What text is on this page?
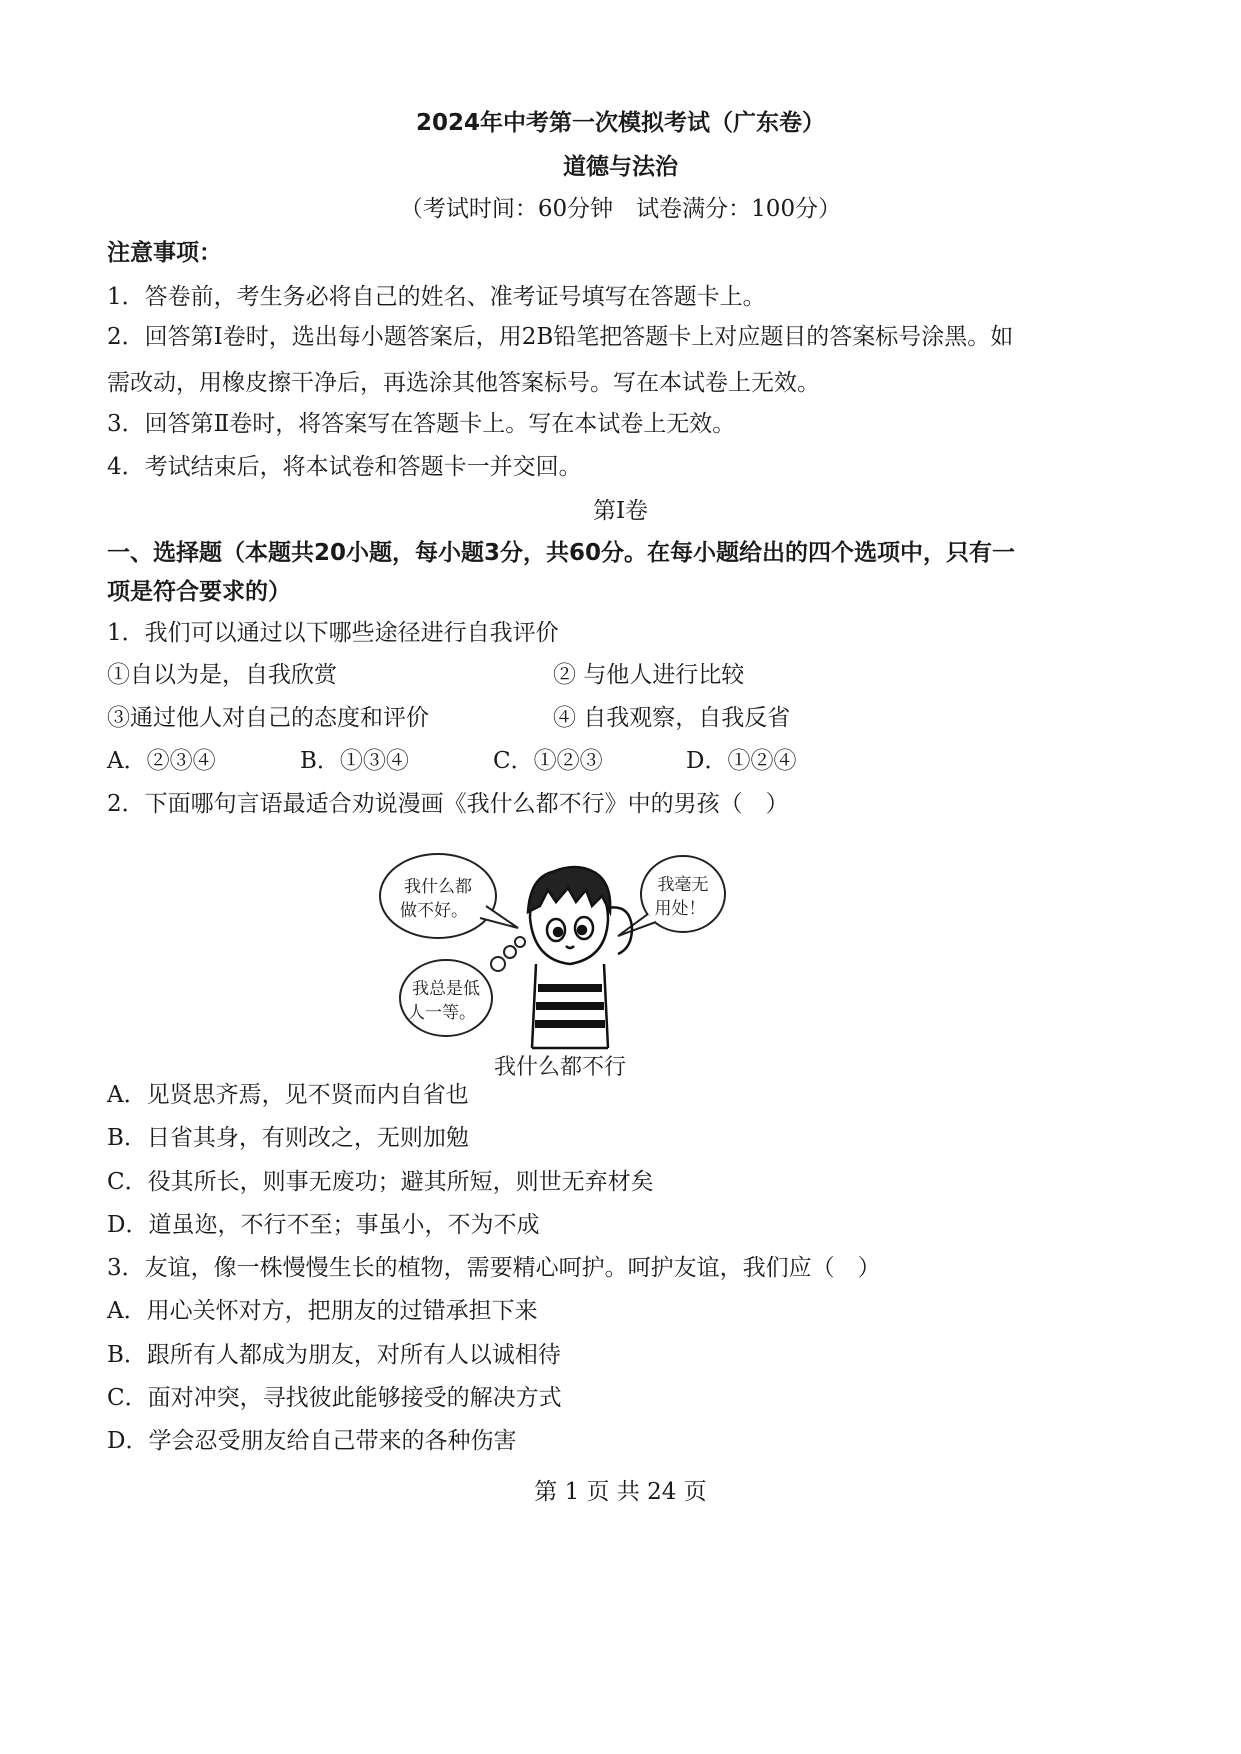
2024年中考第一次模拟考试（广东卷）
道德与法治
（考试时间：60分钟　试卷满分：100分）
注意事项：
1．答卷前，考生务必将自己的姓名、准考证号填写在答题卡上。
2．回答第Ⅰ卷时，选出每小题答案后，用2B铅笔把答题卡上对应题目的答案标号涂黑。如
需改动，用橡皮擦干净后，再选涂其他答案标号。写在本试卷上无效。
3．回答第Ⅱ卷时，将答案写在答题卡上。写在本试卷上无效。
4．考试结束后，将本试卷和答题卡一并交回。
第Ⅰ卷
一、选择题（本题共20小题，每小题3分，共60分。在每小题给出的四个选项中，只有一
项是符合要求的）
1．我们可以通过以下哪些途径进行自我评价
①自以为是，自我欣赏	② 与他人进行比较
③通过他人对自己的态度和评价	④ 自我观察，自我反省
A．②③④	B．①③④	C．①②③	D．①②④
2．下面哪句言语最适合劝说漫画《我什么都不行》中的男孩（　）
我什么都
做不好。
我毫无
用处！
我总是低
人一等。
我什么都不行
A．见贤思齐焉，见不贤而内自省也
B．日省其身，有则改之，无则加勉
C．役其所长，则事无废功；避其所短，则世无弃材矣
D．道虽迩，不行不至；事虽小，不为不成
3．友谊，像一株慢慢生长的植物，需要精心呵护。呵护友谊，我们应（　）
A．用心关怀对方，把朋友的过错承担下来
B．跟所有人都成为朋友，对所有人以诚相待
C．面对冲突，寻找彼此能够接受的解决方式
D．学会忍受朋友给自己带来的各种伤害
第 1 页 共 24 页
